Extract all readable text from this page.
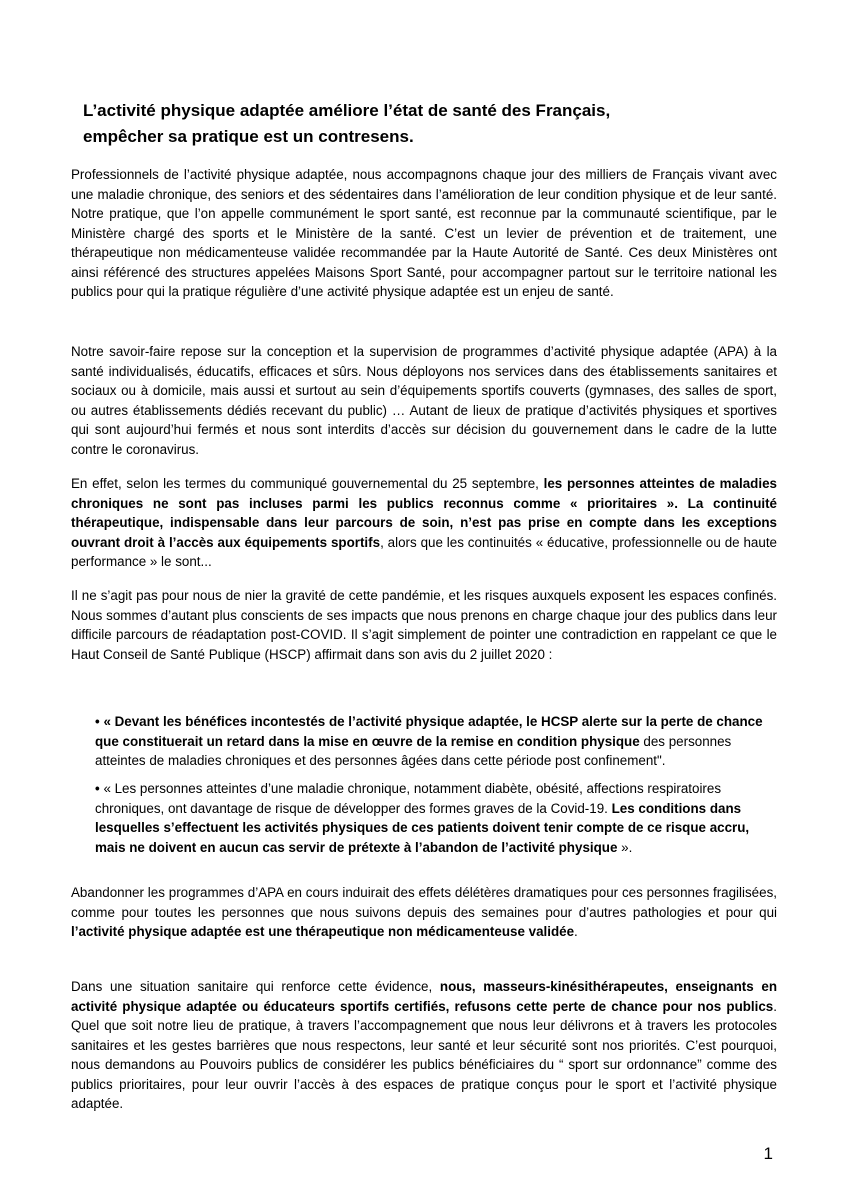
L’activité physique adaptée améliore l’état de santé des Français,
empêcher sa pratique est un contresens.

Professionnels de l’activité physique adaptée, nous accompagnons chaque jour des milliers de Français vivant avec une maladie chronique, des seniors et des sédentaires dans l’amélioration de leur condition physique et de leur santé. Notre pratique, que l’on appelle communément le sport santé, est reconnue par la communauté scientifique, par le Ministère chargé des sports et le Ministère de la santé. C’est un levier de prévention et de traitement, une thérapeutique non médicamenteuse validée recommandée par la Haute Autorité de Santé. Ces deux Ministères ont ainsi référencé des structures appelées Maisons Sport Santé, pour accompagner partout sur le territoire national les publics pour qui la pratique régulière d’une activité physique adaptée est un enjeu de santé.

Notre savoir-faire repose sur la conception et la supervision de programmes d’activité physique adaptée (APA) à la santé individualisés, éducatifs, efficaces et sûrs. Nous déployons nos services dans des établissements sanitaires et sociaux ou à domicile, mais aussi et surtout au sein d’équipements sportifs couverts (gymnases, des salles de sport, ou autres établissements dédiés recevant du public) … Autant de lieux de pratique d’activités physiques et sportives qui sont aujourd’hui fermés et nous sont interdits d’accès sur décision du gouvernement dans le cadre de la lutte contre le coronavirus.

En effet, selon les termes du communiqué gouvernemental du 25 septembre, les personnes atteintes de maladies chroniques ne sont pas incluses parmi les publics reconnus comme « prioritaires ». La continuité thérapeutique, indispensable dans leur parcours de soin, n’est pas prise en compte dans les exceptions ouvrant droit à l’accès aux équipements sportifs, alors que les continuités « éducative, professionnelle ou de haute performance » le sont...

Il ne s’agit pas pour nous de nier la gravité de cette pandémie, et les risques auxquels exposent les espaces confinés. Nous sommes d’autant plus conscients de ses impacts que nous prenons en charge chaque jour des publics dans leur difficile parcours de réadaptation post-COVID. Il s’agit simplement de pointer une contradiction en rappelant ce que le Haut Conseil de Santé Publique (HSCP) affirmait dans son avis du 2 juillet 2020 :

• « Devant les bénéfices incontestés de l’activité physique adaptée, le HCSP alerte sur la perte de chance que constituerait un retard dans la mise en œuvre de la remise en condition physique des personnes atteintes de maladies chroniques et des personnes âgées dans cette période post confinement".

• « Les personnes atteintes d’une maladie chronique, notamment diabète, obésité, affections respiratoires chroniques, ont davantage de risque de développer des formes graves de la Covid-19. Les conditions dans lesquelles s’effectuent les activités physiques de ces patients doivent tenir compte de ce risque accru, mais ne doivent en aucun cas servir de prétexte à l’abandon de l’activité physique ».

Abandonner les programmes d’APA en cours induirait des effets délétères dramatiques pour ces personnes fragilisées, comme pour toutes les personnes que nous suivons depuis des semaines pour d’autres pathologies et pour qui l’activité physique adaptée est une thérapeutique non médicamenteuse validée.

Dans une situation sanitaire qui renforce cette évidence, nous, masseurs-kinésithérapeutes, enseignants en activité physique adaptée ou éducateurs sportifs certifiés, refusons cette perte de chance pour nos publics. Quel que soit notre lieu de pratique, à travers l’accompagnement que nous leur délivrons et à travers les protocoles sanitaires et les gestes barrières que nous respectons, leur santé et leur sécurité sont nos priorités. C’est pourquoi, nous demandons au Pouvoirs publics de considérer les publics bénéficiaires du “ sport sur ordonnance” comme des publics prioritaires, pour leur ouvrir l’accès à des espaces de pratique conçus pour le sport et l’activité physique adaptée.

1
